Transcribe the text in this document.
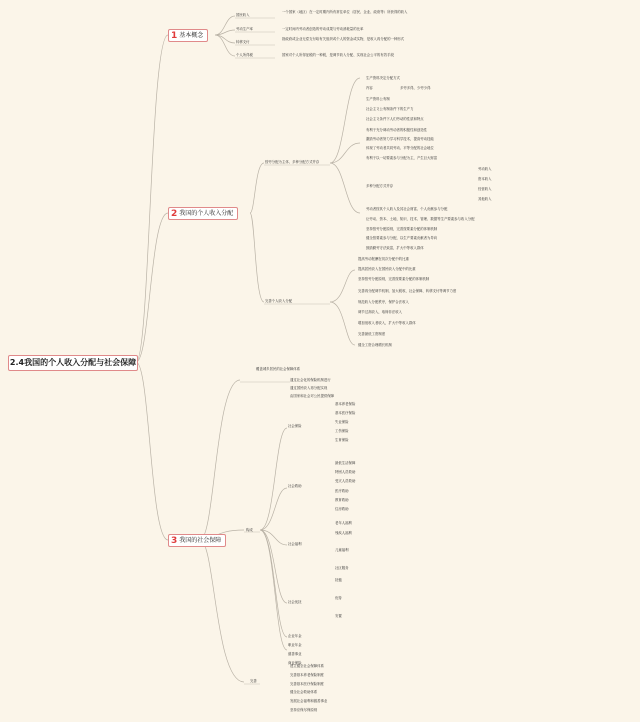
2.4我国的个人收入分配与社会保障
1 基本概念
2 我国的个人收入分配
3 我国的社会保障
国民收入
一个国家（地区）在一定时期内所有常住单位（居民、企业、政府等）所获得的收入
劳动生产率	一定时间内劳动者创造的劳动成果与劳动消耗量的比率
转移支付
指政府或企业无偿支付给有关组织或个人的资金或实物，是收入再分配的一种形式
个人所得税	国家对个人所得征税的一种税，是调节收入分配、实现社会公平的有效手段
按劳分配为主体、多种分配方式并存
生产资料决定分配方式
内容	多劳多得，少劳少得
生产资料公有制
社会主义公有制条件下的生产力
社会主义条件下人们劳动的性质和特点
有利于充分调动劳动者的积极性和创造性
激励劳动者努力学习科学技术，提高劳动技能
体现了劳动者共同劳动、平等分配的社会地位
有利于以一切要素参与分配为主，产生巨大财富
多种分配方式并存
劳动收入
资本收入
经营收入
其他收入
劳动者按其个人收入及其社会财富、个人贡献参与分配
让劳动、资本、土地、知识、技术、管理、数据等生产要素参与收入分配
坚持按劳分配原则，完善按要素分配的体制机制
健全按要素参与分配，以生产要素贡献者为导向
鼓励勤劳守法致富，扩大中等收入群体
完善个人收入分配
提高劳动报酬在初次分配中的比重
提高居民收入在国民收入分配中的比重
坚持按劳分配原则，完善按要素分配的体制机制
完善再分配调节机制，加大税收、社会保障、转移支付等调节力度
规范收入分配秩序，保护合法收入
调节过高收入，取缔非法收入
增加低收入者收入，扩大中等收入群体
完善最低工资制度
健全工资合理增长机制
覆盖城乡居民的社会保障体系
通过社会化的保险机制进行
通过国民收入再分配实现
由国家和社会对公民提供保障
构成
社会保险
基本养老保险
基本医疗保险
失业保险
工伤保险
生育保险
社会救助
最低生活保障
特困人员救助
受灾人员救助
医疗救助
教育救助
住房救助
社会福利
老年人福利
残疾人福利
儿童福利
社区服务
社会优抚
抚恤
优待
安置
企业年金
职业年金
慈善事业
商业保险
完善
建立健全社会保障体系
完善基本养老保险制度
完善基本医疗保险制度
健全社会救助体系
发展社会福利和慈善事业
坚持应保尽保原则
